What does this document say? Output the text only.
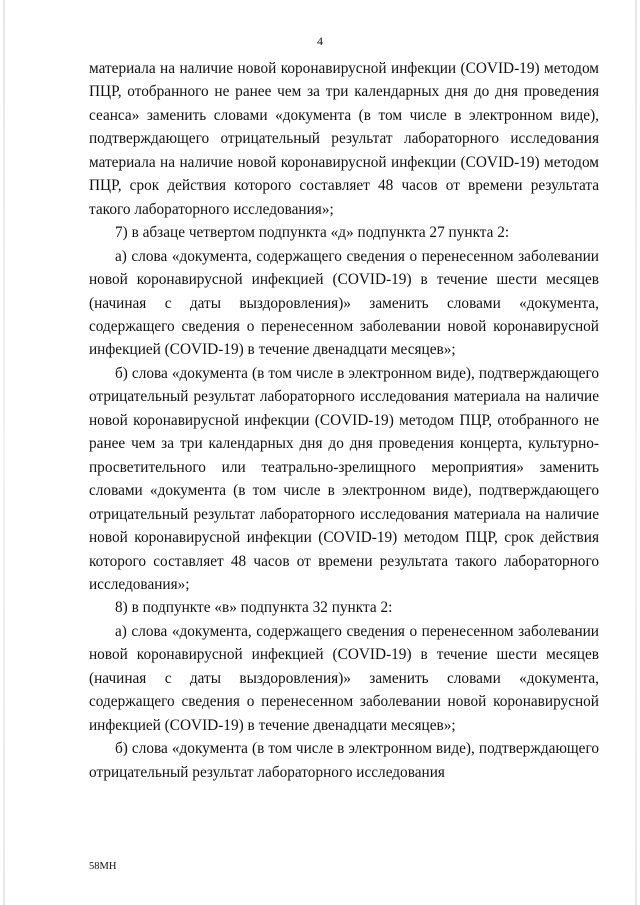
4

материала на наличие новой коронавирусной инфекции (COVID-19) методом ПЦР, отобранного не ранее чем за три календарных дня до дня проведения сеанса» заменить словами «документа (в том числе в электронном виде), подтверждающего отрицательный результат лабораторного исследования материала на наличие новой коронавирусной инфекции (COVID-19) методом ПЦР, срок действия которого составляет 48 часов от времени результата такого лабораторного исследования»;

7) в абзаце четвертом подпункта «д» подпункта 27 пункта 2:

а) слова «документа, содержащего сведения о перенесенном заболевании новой коронавирусной инфекцией (COVID-19) в течение шести месяцев (начиная с даты выздоровления)» заменить словами «документа, содержащего сведения о перенесенном заболевании новой коронавирусной инфекцией (COVID-19) в течение двенадцати месяцев»;

б) слова «документа (в том числе в электронном виде), подтверждающего отрицательный результат лабораторного исследования материала на наличие новой коронавирусной инфекции (COVID-19) методом ПЦР, отобранного не ранее чем за три календарных дня до дня проведения концерта, культурно-просветительного или театрально-зрелищного мероприятия» заменить словами «документа (в том числе в электронном виде), подтверждающего отрицательный результат лабораторного исследования материала на наличие новой коронавирусной инфекции (COVID-19) методом ПЦР, срок действия которого составляет 48 часов от времени результата такого лабораторного исследования»;

8) в подпункте «в» подпункта 32 пункта 2:

а) слова «документа, содержащего сведения о перенесенном заболевании новой коронавирусной инфекцией (COVID-19) в течение шести месяцев (начиная с даты выздоровления)» заменить словами «документа, содержащего сведения о перенесенном заболевании новой коронавирусной инфекцией (COVID-19) в течение двенадцати месяцев»;

б) слова «документа (в том числе в электронном виде), подтверждающего отрицательный результат лабораторного исследования

58МН
